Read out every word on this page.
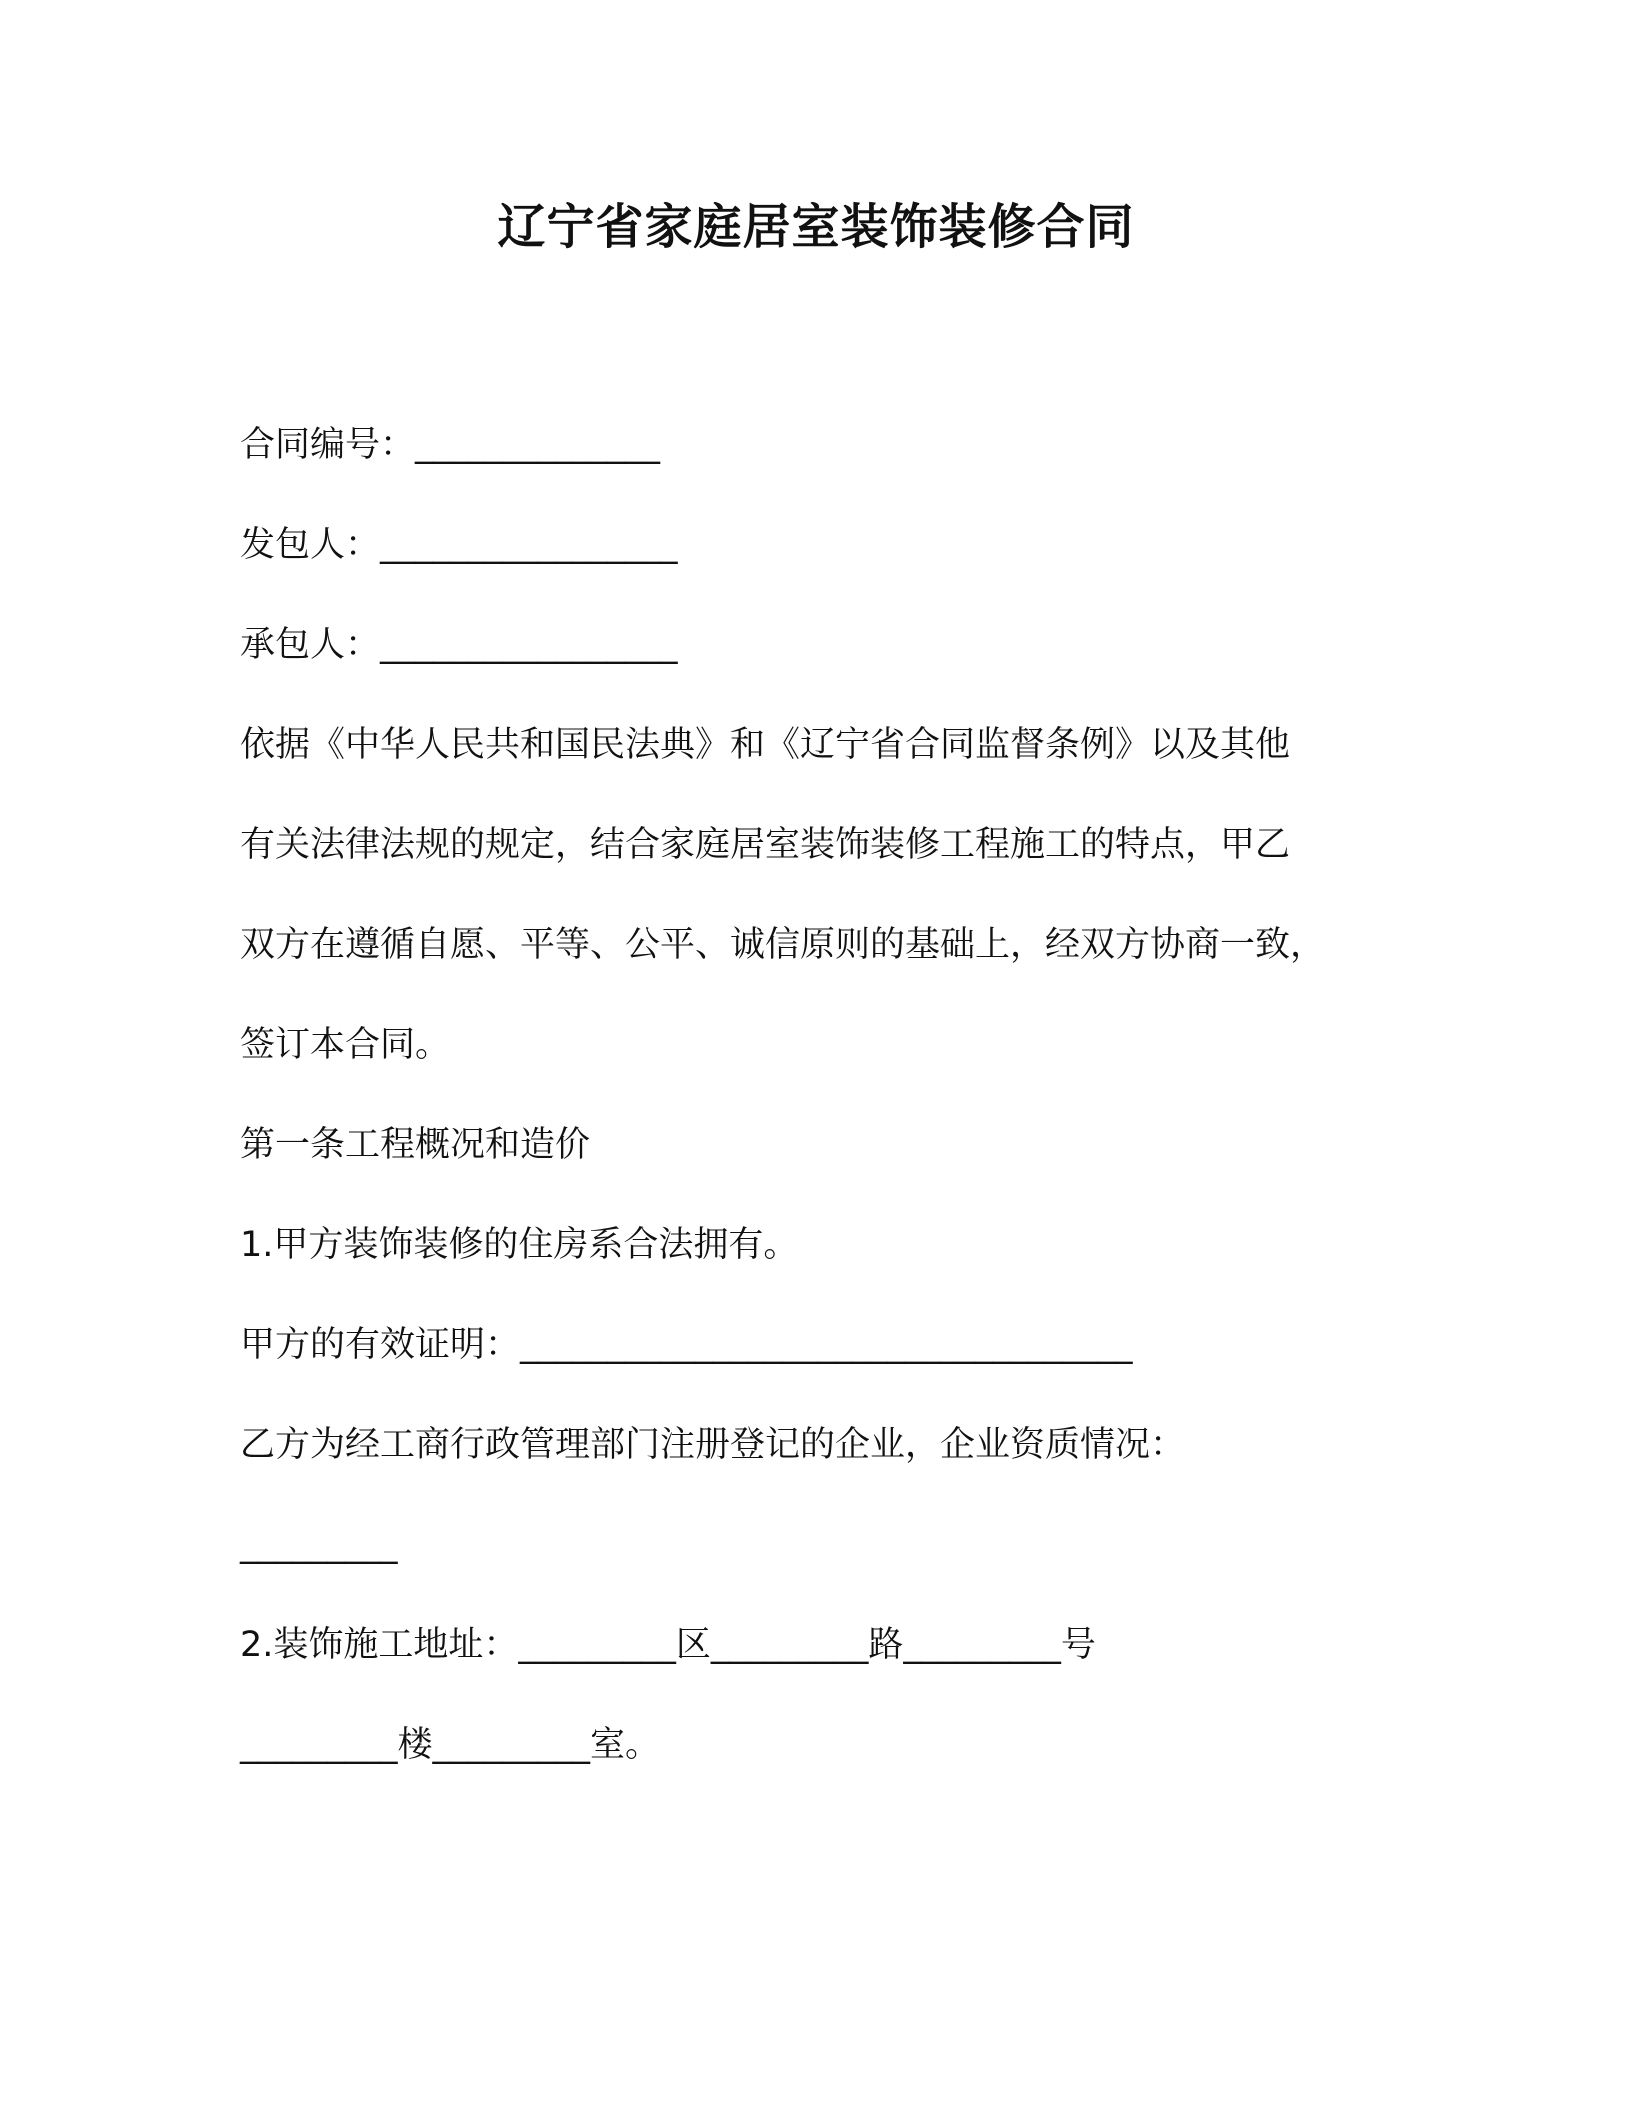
辽宁省家庭居室装饰装修合同
合同编号：______________
发包人：_________________
承包人：_________________
依据《中华人民共和国民法典》和《辽宁省合同监督条例》以及其他
有关法律法规的规定，结合家庭居室装饰装修工程施工的特点，甲乙
双方在遵循自愿、平等、公平、诚信原则的基础上，经双方协商一致，
签订本合同。
第一条工程概况和造价
1.甲方装饰装修的住房系合法拥有。
甲方的有效证明：___________________________________
乙方为经工商行政管理部门注册登记的企业，企业资质情况：
_________
2.装饰施工地址：_________区_________路_________号
_________楼_________室。
